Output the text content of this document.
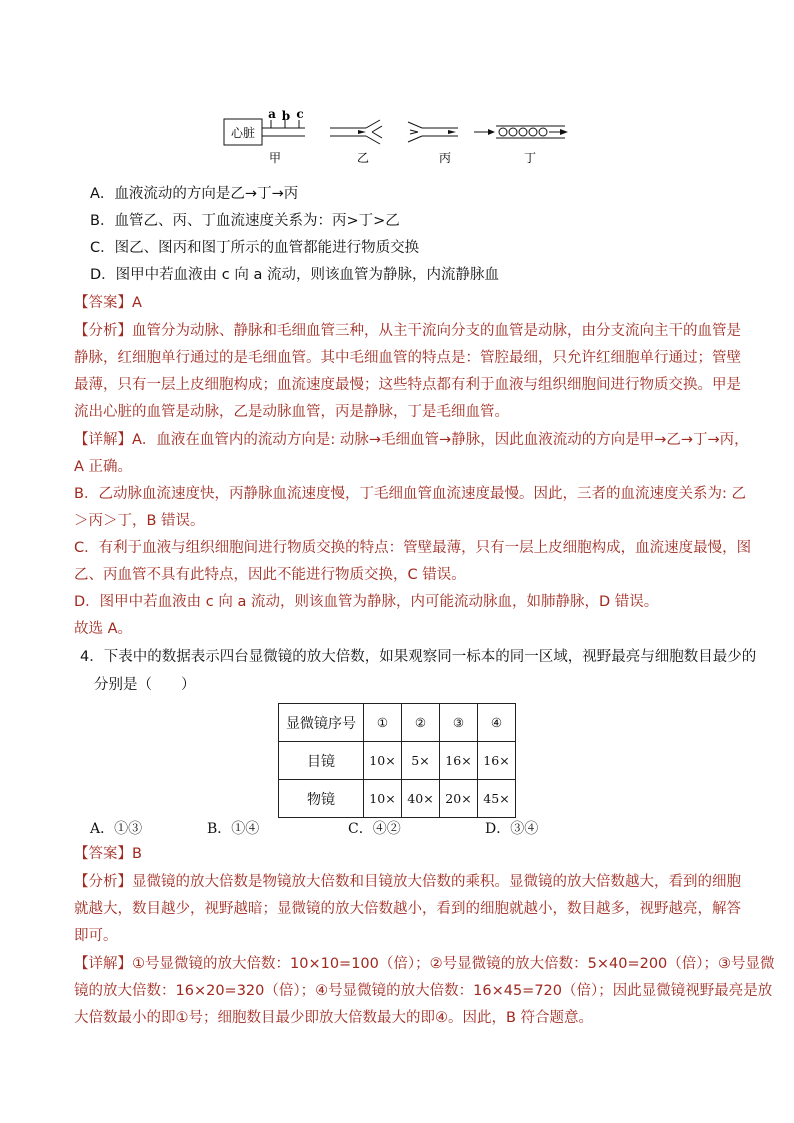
心脏
a b c
甲	乙	丙	丁
A．血液流动的方向是乙→丁→丙
B．血管乙、丙、丁血流速度关系为：丙>丁>乙
C．图乙、图丙和图丁所示的血管都能进行物质交换
D．图甲中若血液由 c 向 a 流动，则该血管为静脉，内流静脉血
【答案】A
【分析】血管分为动脉、静脉和毛细血管三种，从主干流向分支的血管是动脉，由分支流向主干的血管是
静脉，红细胞单行通过的是毛细血管。其中毛细血管的特点是：管腔最细，只允许红细胞单行通过；管壁
最薄，只有一层上皮细胞构成；血流速度最慢；这些特点都有利于血液与组织细胞间进行物质交换。甲是
流出心脏的血管是动脉，乙是动脉血管，丙是静脉，丁是毛细血管。
【详解】A．血液在血管内的流动方向是: 动脉→毛细血管→静脉，因此血液流动的方向是甲→乙→丁→丙，
A 正确。
B．乙动脉血流速度快，丙静脉血流速度慢，丁毛细血管血流速度最慢。因此，三者的血流速度关系为: 乙
＞丙＞丁，B 错误。
C．有利于血液与组织细胞间进行物质交换的特点：管壁最薄，只有一层上皮细胞构成，血流速度最慢，图
乙、丙血管不具有此特点，因此不能进行物质交换，C 错误。
D．图甲中若血液由 c 向 a 流动，则该血管为静脉，内可能流动脉血，如肺静脉，D 错误。
故选 A。
4．下表中的数据表示四台显微镜的放大倍数，如果观察同一标本的同一区域，视野最亮与细胞数目最少的
分别是（　　）
显微镜序号	①	②	③	④
目镜	10×	5×	16×	16×
物镜	10×	40×	20×	45×
A．①③	B．①④	C．④②	D．③④
【答案】B
【分析】显微镜的放大倍数是物镜放大倍数和目镜放大倍数的乘积。显微镜的放大倍数越大，看到的细胞
就越大，数目越少，视野越暗；显微镜的放大倍数越小，看到的细胞就越小，数目越多，视野越亮，解答
即可。
【详解】①号显微镜的放大倍数：10×10=100（倍）；②号显微镜的放大倍数：5×40=200（倍）；③号显微
镜的放大倍数：16×20=320（倍）；④号显微镜的放大倍数：16×45=720（倍）；因此显微镜视野最亮是放
大倍数最小的即①号；细胞数目最少即放大倍数最大的即④。因此，B 符合题意。
